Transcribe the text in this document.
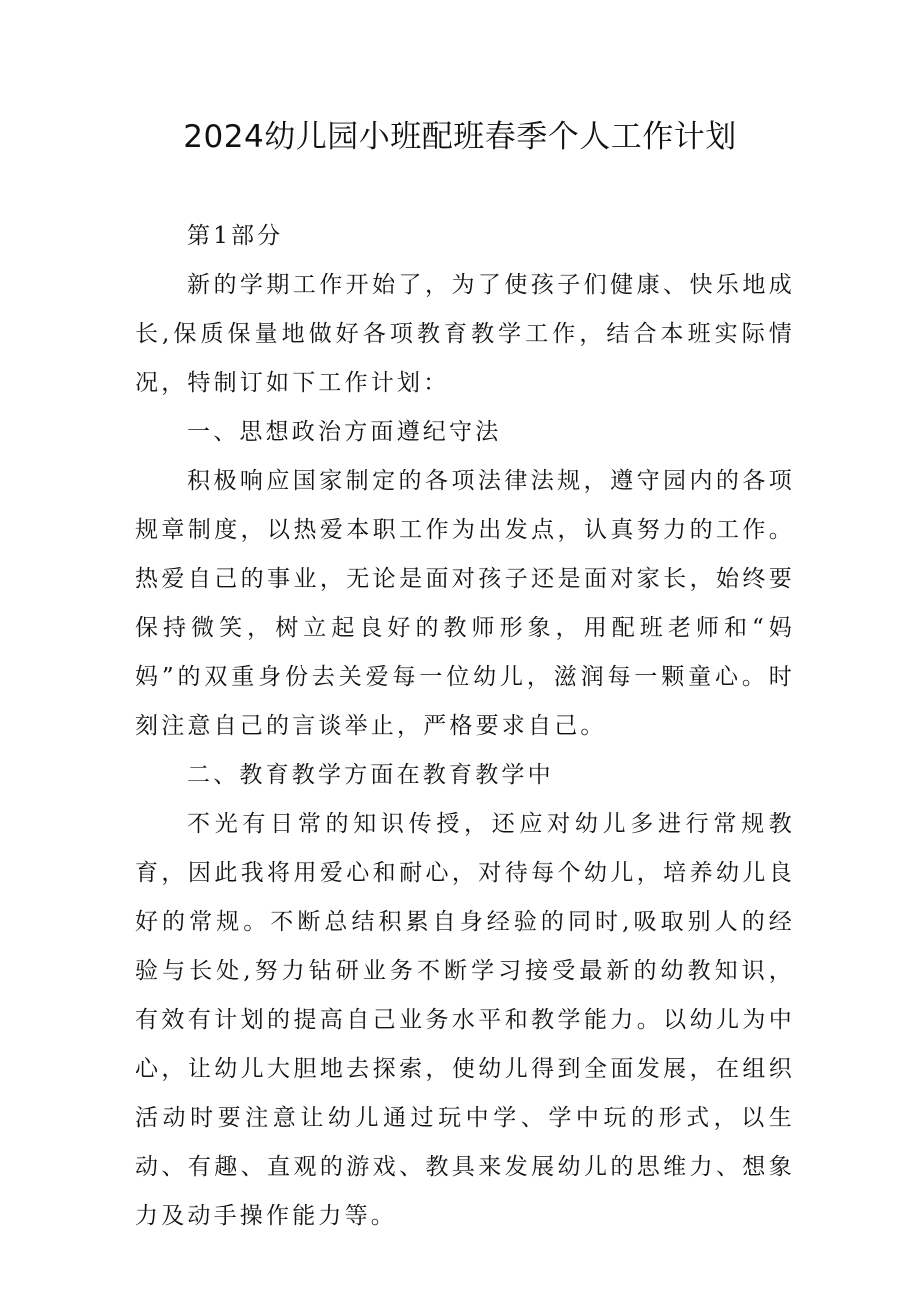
2024幼儿园小班配班春季个人工作计划

第1部分

新的学期工作开始了，为了使孩子们健康、快乐地成长,保质保量地做好各项教育教学工作，结合本班实际情况，特制订如下工作计划：

一、思想政治方面遵纪守法

积极响应国家制定的各项法律法规，遵守园内的各项规章制度，以热爱本职工作为出发点，认真努力的工作。热爱自己的事业，无论是面对孩子还是面对家长，始终要保持微笑，树立起良好的教师形象，用配班老师和“妈妈”的双重身份去关爱每一位幼儿，滋润每一颗童心。时刻注意自己的言谈举止，严格要求自己。

二、教育教学方面在教育教学中

不光有日常的知识传授，还应对幼儿多进行常规教育，因此我将用爱心和耐心，对待每个幼儿，培养幼儿良好的常规。不断总结积累自身经验的同时,吸取别人的经验与长处,努力钻研业务不断学习接受最新的幼教知识，有效有计划的提高自己业务水平和教学能力。以幼儿为中心，让幼儿大胆地去探索，使幼儿得到全面发展，在组织活动时要注意让幼儿通过玩中学、学中玩的形式，以生动、有趣、直观的游戏、教具来发展幼儿的思维力、想象力及动手操作能力等。
